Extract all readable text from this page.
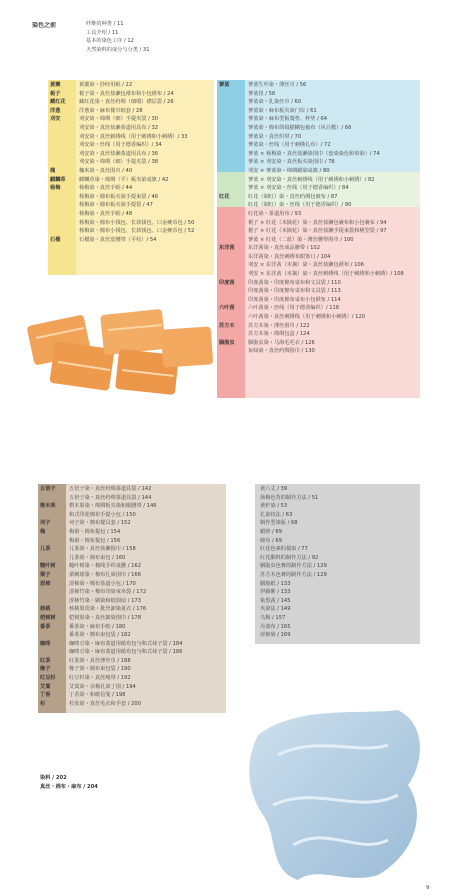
染色之前	纤维的种类 / 11
工具介绍 / 11
基本的染色工序 / 12
天然染料的成分与分类 / 31
黄蘖	黄蘖染・抄经用纸 / 22
栀子	栀子染・真丝盐濑包袱布和小包袱布 / 24
藏红花	藏红花染・真丝绉绸（细缎）襟层袋 / 26
洋葱	洋葱染・麻布餐巾纸套 / 28
刈安	刈安染・绵绸（细）手提夹袋 / 30
刈安染・真丝盐濑茶道用具布 / 32
刈安染・真丝刺绣线（用于刺绣和小刺绣）/ 33
刈安染・丝线（用于德香编织）/ 34
刈安染・真丝盐濑茶道用具布 / 36
刈安染・绵绸（细）手提夹袋 / 38
槐	槐米染・真丝围巾 / 40
麒麟草	麒麟草染・绵绸（平）板夹染桌旗 / 42
杨梅	杨梅染・真丝手帕 / 44
杨梅染・棉布板夹染手提束袋 / 46
杨梅染・棉布板夹染手提袋 / 47
杨梅染・真丝手帕 / 48
杨梅染・棉布小钱包、长款钱包、口金硬币包 / 50
杨梅染・棉布小钱包、长款钱包、口金硬币包 / 52
石榴	石榴染・真丝宽腰带（平纹）/ 54
蓼蓝	蓼蓝生叶染・薄丝巾 / 56
蓼蓝扭 / 58
蓼蓝染・扎染丝巾 / 60
蓼蓝染・麻布板夹染门帘 / 61
蓼蓝染・麻布型板餐垫、杯垫 / 64
蓼蓝染・棉布筒镜描糊包被布（风吕敷）/ 66
蓼蓝染・真丝织带 / 70
蓼蓝染・丝线（用于刺绣扎布）/ 72
蓼蓝 × 杨梅染・真丝盐濑染围巾（套染染色和晕染）/ 74
蓼蓝 × 刈安染・真丝板夹染围巾 / 78
刈安 × 蓼蓝染・绵绸蜡染桌旗 / 80
蓼蓝 × 刈安染・真丝刺绣线（用于刺绣和小刺绣）/ 82
蓼蓝 × 刈安染・丝线（用于德香编织）/ 84
红花	红花（制红）染・真丝绉绸包被布 / 87
红花（制红）染・丝线（用于德香编织）/ 90
红花染・茶道用布 / 93
栀子 × 红花（末摘花）染・真丝盐濑包裹布和小包裹布 / 94
栀子 × 红花（末摘花）染・真丝盐濑手提束袋和桃型袋 / 97
蓼蓝 × 红花（二蓝）染・薄丝腰带围巾 / 100
东洋茜	东洋茜染・真丝成品腰带 / 102
东洋茜染・真丝刺绣布眼饰口 / 104
刈安 × 东洋茜（末摘）染・真丝盐濑包袱布 / 106
刈安 × 东洋茜（末摘）染・真丝刺绣线（用于刺绣和小刺绣）/ 108
印度茜	印度茜染・印度棉布桌布和文具袋 / 110
印度茜染・印度棉布桌布和文具袋 / 113
印度茜染・印度棉布桌布小包袱布 / 114
六叶茜	六叶茜染・丝线（用于德香编织）/ 118
六叶茜染・真丝刺绣线（用于刺绣和小刺绣）/ 120
苏方木	苏方木染・薄丝围巾 / 122
苏方木染・绵绸包盒 / 124
胭脂虫	胭脂虫染・马海毛毛衣 / 126
灰绿染・真丝绉绸围巾 / 130
五倍子	五倍子染・真丝绉绸茶道具袋 / 142
五倍子染・真丝绉绸茶道具袋 / 144
橙木果	橙木果染・绵绸板夹染和服腰带 / 146
和式印花棉布手提小包 / 150
诃子	诃子染・棉布餐具套 / 152
梅	梅染・棉布提包 / 154
梅染・棉布提包 / 156
儿茶	儿茶染・真丝盐濑围巾 / 158
儿茶染・棉布束包 / 160
糙叶树	糙叶树染・棉线手织桌腰 / 162
栗子	栗刺球染・棉布扎染围巾 / 166
涩柿	涩柿染・棉布茶道小包 / 170
涩柿竹染・棉布印染束帛袋 / 172
涩柿竹染・刷染和纸圆扇 / 173
核桃	核桃果皮染・批丝卸染夏衣 / 176
桤树树	桤树果染・真丝卸染围巾 / 178
番茶	番茶染・麻布手帕 / 180
番茶染・棉布束包袋 / 182
咖啡	咖啡豆染・麻布茶道用纸布包与和式袜子袋 / 184
咖啡豆染・麻布茶道用纸布包与和式袜子袋 / 186
红茶	红茶染・真丝薄丝巾 / 188
橡子	橡子染・棉布束包袋 / 190
红豆杉	红豆杉染・真丝绳带 / 192
艾蒿	艾蒿染・余棉孔染丁围 / 194
丁香	丁香染・和纸信笺 / 198
杉	杉皮染・真丝毛衣和手套 / 200
染料 / 202
真丝・棉布・麻布 / 204
黄八丈 / 39
扬梅色背的制作方法 / 51
黄炉染 / 53
扎染技法 / 63
制作型染版 / 68
蜡炒 / 69
破布 / 69
红花色素的提取 / 77
红花胭料的制作方法 / 92
胭脂虫色膏的制作方法 / 129
苏方木色膏的制作方法 / 129
胭脂纸 / 133
伊藤紫 / 133
染黑茜 / 145
夹染法 / 149
乌梅 / 157
丹波布 / 165
涩柿染 / 169
9
